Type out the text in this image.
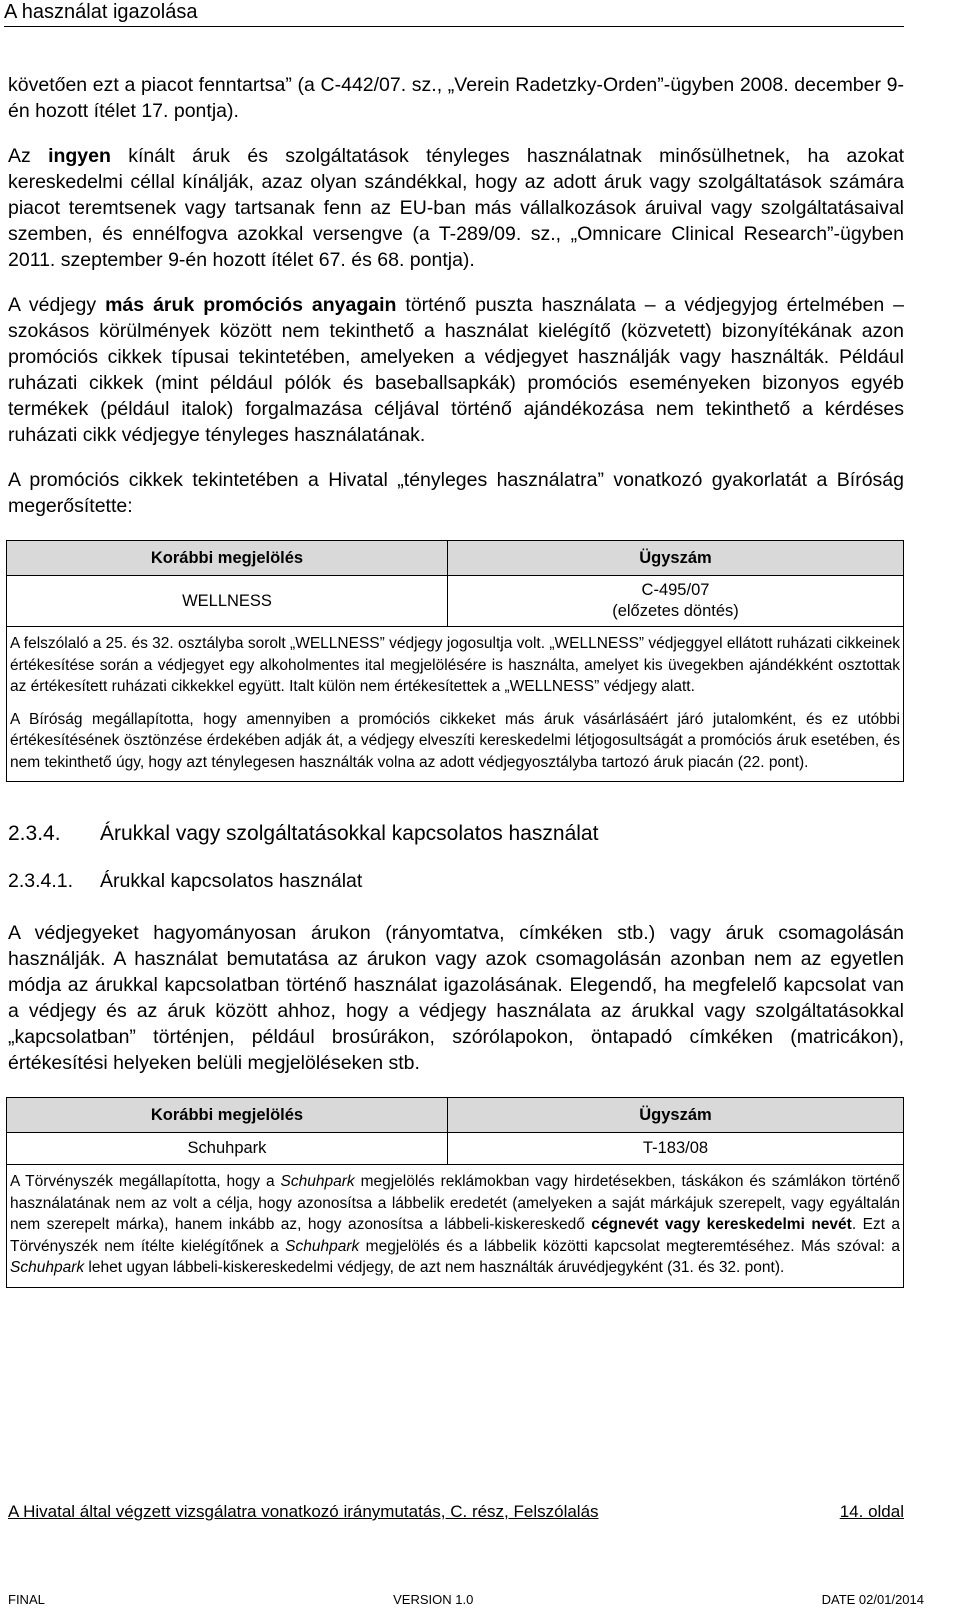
A használat igazolása

követően ezt a piacot fenntartsa” (a C-442/07. sz., „Verein Radetzky-Orden”-ügyben 2008. december 9-én hozott ítélet 17. pontja).

Az ingyen kínált áruk és szolgáltatások tényleges használatnak minősülhetnek, ha azokat kereskedelmi céllal kínálják, azaz olyan szándékkal, hogy az adott áruk vagy szolgáltatások számára piacot teremtsenek vagy tartsanak fenn az EU-ban más vállalkozások áruival vagy szolgáltatásaival szemben, és ennélfogva azokkal versengve (a T-289/09. sz., „Omnicare Clinical Research”-ügyben 2011. szeptember 9-én hozott ítélet 67. és 68. pontja).

A védjegy más áruk promóciós anyagain történő puszta használata – a védjegyjog értelmében – szokásos körülmények között nem tekinthető a használat kielégítő (közvetett) bizonyítékának azon promóciós cikkek típusai tekintetében, amelyeken a védjegyet használják vagy használták. Például ruházati cikkek (mint például pólók és baseballsapkák) promóciós eseményeken bizonyos egyéb termékek (például italok) forgalmazása céljával történő ajándékozása nem tekinthető a kérdéses ruházati cikk védjegye tényleges használatának.

A promóciós cikkek tekintetében a Hivatal „tényleges használatra” vonatkozó gyakorlatát a Bíróság megerősítette:

Korábbi megjelölés	Ügyszám
WELLNESS	C-495/07
(előzetes döntés)

A felszólaló a 25. és 32. osztályba sorolt „WELLNESS” védjegy jogosultja volt. „WELLNESS” védjeggyel ellátott ruházati cikkeinek értékesítése során a védjegyet egy alkoholmentes ital megjelölésére is használta, amelyet kis üvegekben ajándékként osztottak az értékesített ruházati cikkekkel együtt. Italt külön nem értékesítettek a „WELLNESS” védjegy alatt.

A Bíróság megállapította, hogy amennyiben a promóciós cikkeket más áruk vásárlásáért járó jutalomként, és ez utóbbi értékesítésének ösztönzése érdekében adják át, a védjegy elveszíti kereskedelmi létjogosultságát a promóciós áruk esetében, és nem tekinthető úgy, hogy azt ténylegesen használták volna az adott védjegyosztályba tartozó áruk piacán (22. pont).	

2.3.4.	Árukkal vagy szolgáltatásokkal kapcsolatos használat
2.3.4.1.	Árukkal kapcsolatos használat

A védjegyeket hagyományosan árukon (rányomtatva, címkéken stb.) vagy áruk csomagolásán használják. A használat bemutatása az árukon vagy azok csomagolásán azonban nem az egyetlen módja az árukkal kapcsolatban történő használat igazolásának. Elegendő, ha megfelelő kapcsolat van a védjegy és az áruk között ahhoz, hogy a védjegy használata az árukkal vagy szolgáltatásokkal „kapcsolatban” történjen, például brosúrákon, szórólapokon, öntapadó címkéken (matricákon), értékesítési helyeken belüli megjelöléseken stb.

Korábbi megjelölés	Ügyszám
Schuhpark	T-183/08

A Törvényszék megállapította, hogy a Schuhpark megjelölés reklámokban vagy hirdetésekben, táskákon és számlákon történő használatának nem az volt a célja, hogy azonosítsa a lábbelik eredetét (amelyeken a saját márkájuk szerepelt, vagy egyáltalán nem szerepelt márka), hanem inkább az, hogy azonosítsa a lábbeli-kiskereskedő cégnevét vagy kereskedelmi nevét. Ezt a Törvényszék nem ítélte kielégítőnek a Schuhpark megjelölés és a lábbelik közötti kapcsolat megteremtéséhez. Más szóval: a Schuhpark lehet ugyan lábbeli-kiskereskedelmi védjegy, de azt nem használták áruvédjegyként (31. és 32. pont).	

A Hivatal által végzett vizsgálatra vonatkozó iránymutatás, C. rész, Felszólalás	14. oldal
FINAL	VERSION 1.0	DATE 02/01/2014
